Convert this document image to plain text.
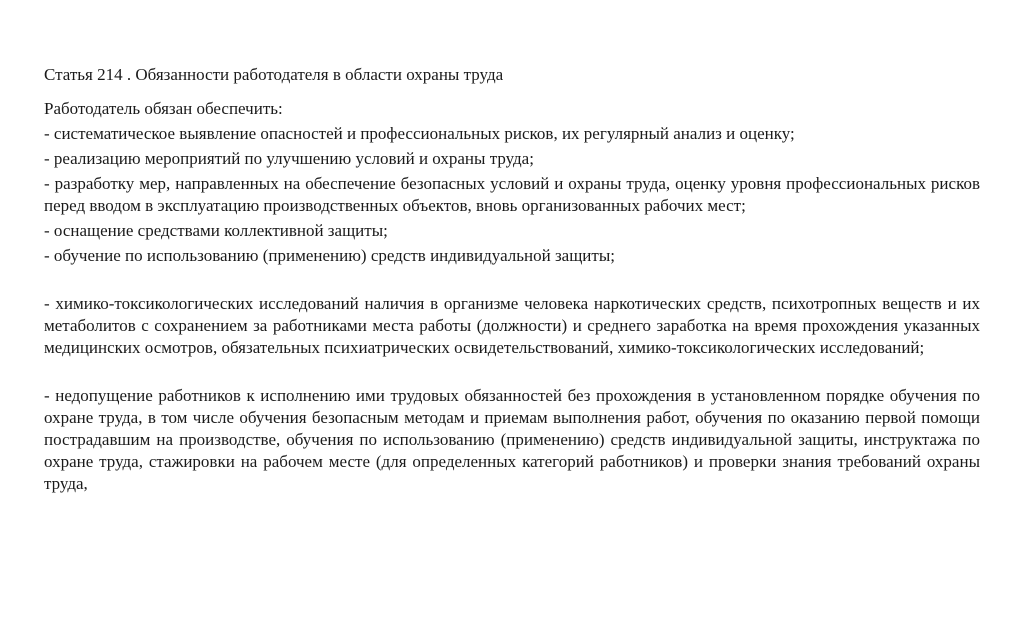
Статья 214 . Обязанности работодателя в области охраны труда
Работодатель обязан обеспечить:
- систематическое выявление опасностей и профессиональных рисков, их регулярный анализ и оценку;
- реализацию мероприятий по улучшению условий и охраны труда;
- разработку мер, направленных на обеспечение безопасных условий и охраны труда, оценку уровня профессиональных рисков перед вводом в эксплуатацию производственных объектов, вновь организованных рабочих мест;
- оснащение средствами коллективной защиты;
- обучение по использованию (применению) средств индивидуальной защиты;
- химико-токсикологических исследований наличия в организме человека наркотических средств, психотропных веществ и их метаболитов с сохранением за работниками места работы (должности) и среднего заработка на время прохождения указанных медицинских осмотров, обязательных психиатрических освидетельствований, химико-токсикологических исследований;
- недопущение работников к исполнению ими трудовых обязанностей без прохождения в установленном порядке обучения по охране труда, в том числе обучения безопасным методам и приемам выполнения работ, обучения по оказанию первой помощи пострадавшим на производстве, обучения по использованию (применению) средств индивидуальной защиты, инструктажа по охране труда, стажировки на рабочем месте (для определенных категорий работников) и проверки знания требований охраны труда,
